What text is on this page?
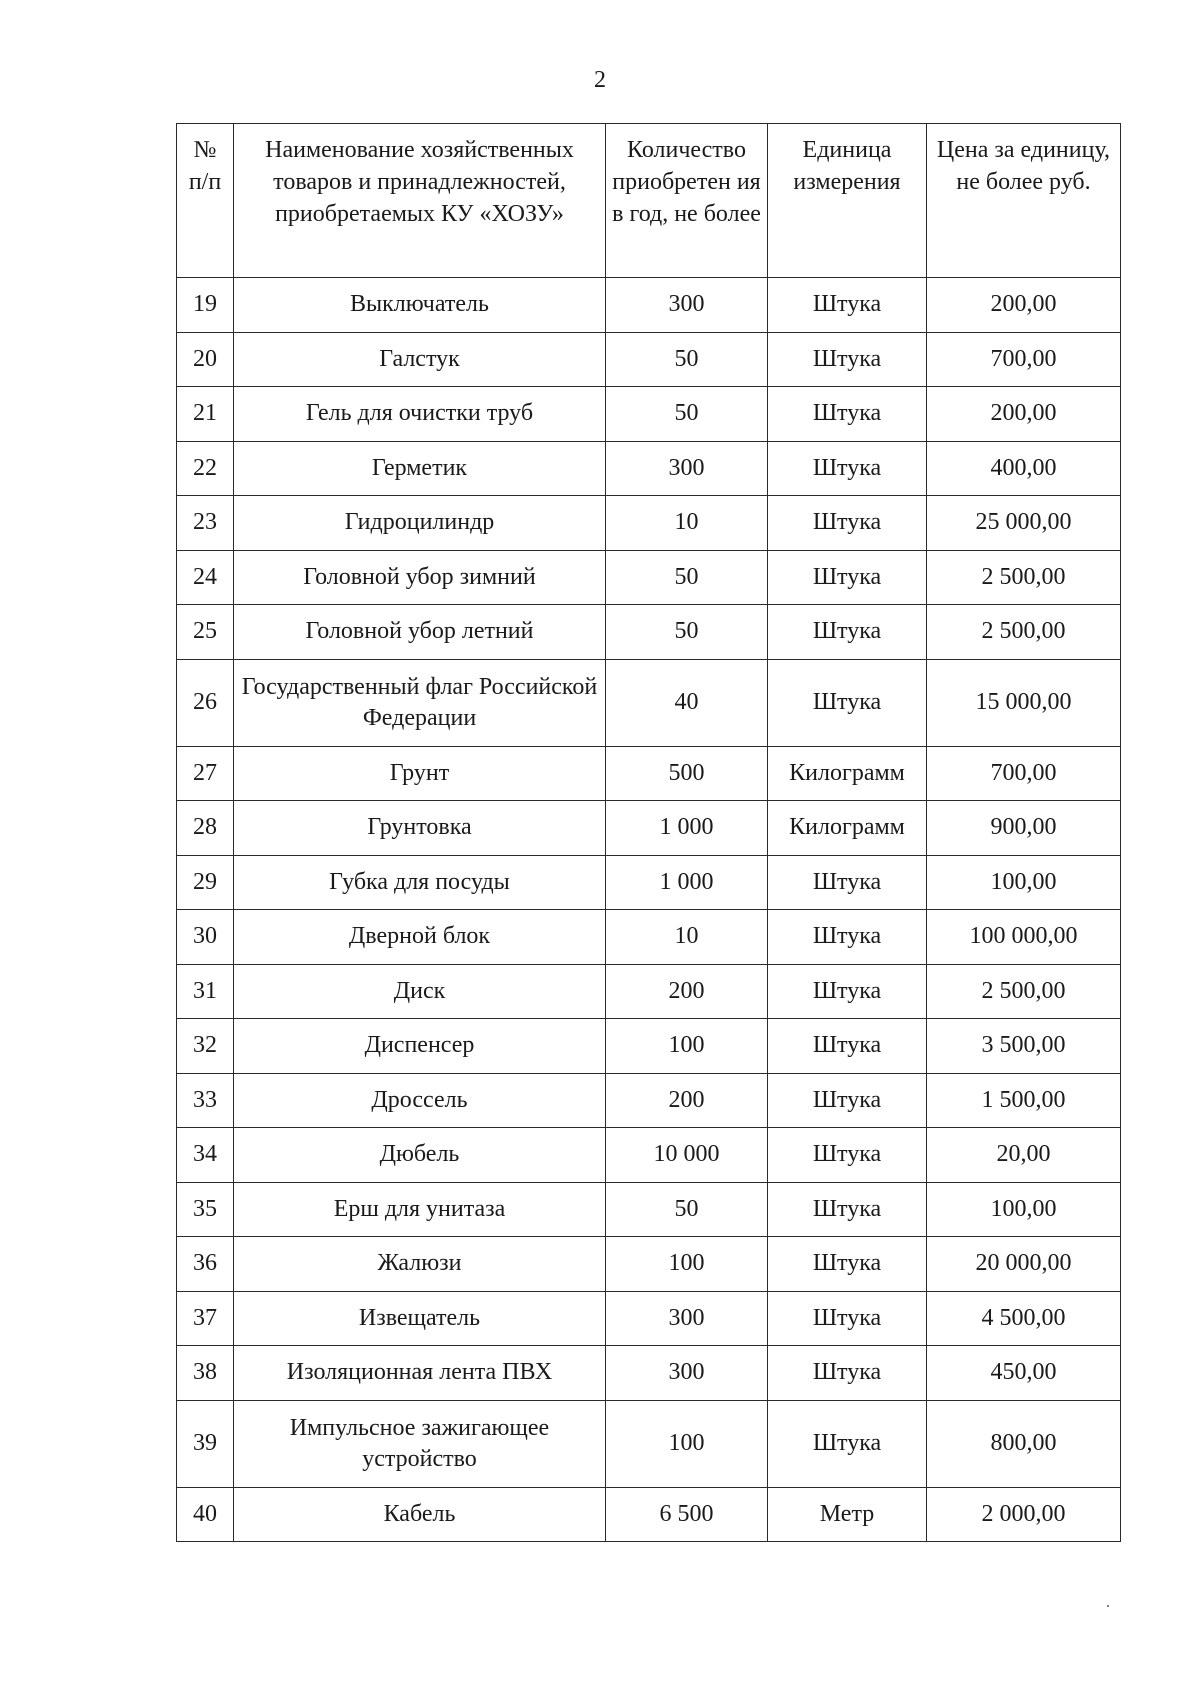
2
№ п/п	Наименование хозяйственных товаров и принадлежностей, приобретаемых КУ «ХОЗУ»	Количество приобретен ия в год, не более	Единица измерения	Цена за единицу, не более руб.
19	Выключатель	300	Штука	200,00
20	Галстук	50	Штука	700,00
21	Гель для очистки труб	50	Штука	200,00
22	Герметик	300	Штука	400,00
23	Гидроцилиндр	10	Штука	25 000,00
24	Головной убор зимний	50	Штука	2 500,00
25	Головной убор летний	50	Штука	2 500,00
26	Государственный флаг Российской Федерации	40	Штука	15 000,00
27	Грунт	500	Килограмм	700,00
28	Грунтовка	1 000	Килограмм	900,00
29	Губка для посуды	1 000	Штука	100,00
30	Дверной блок	10	Штука	100 000,00
31	Диск	200	Штука	2 500,00
32	Диспенсер	100	Штука	3 500,00
33	Дроссель	200	Штука	1 500,00
34	Дюбель	10 000	Штука	20,00
35	Ерш для унитаза	50	Штука	100,00
36	Жалюзи	100	Штука	20 000,00
37	Извещатель	300	Штука	4 500,00
38	Изоляционная лента ПВХ	300	Штука	450,00
39	Импульсное зажигающее устройство	100	Штука	800,00
40	Кабель	6 500	Метр	2 000,00
